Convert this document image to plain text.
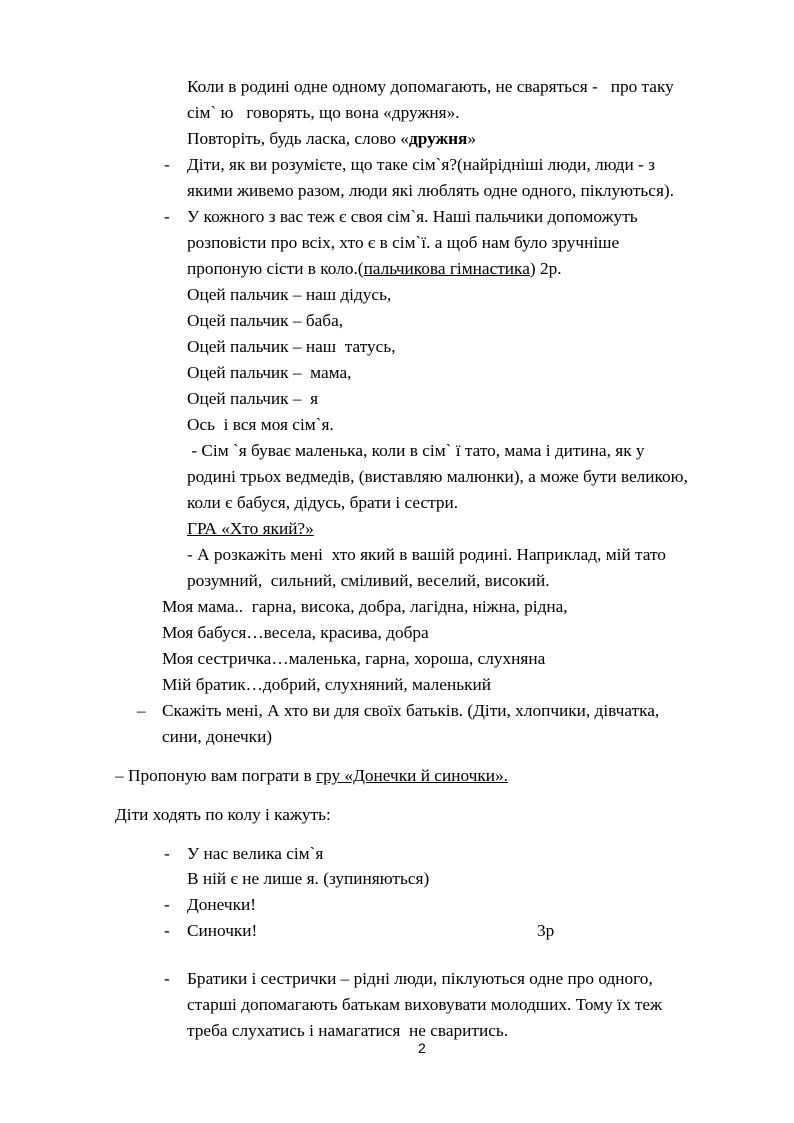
Коли в родині одне одному допомагають, не сваряться -   про таку
сім` ю   говорять, що вона «дружня».
Повторіть, будь ласка, слово «дружня»
- Діти, як ви розумієте, що таке сім`я?(найрідніші люди, люди - з
якими живемо разом, люди які люблять одне одного, піклуються).
- У кожного з вас теж є своя сім`я. Наші пальчики допоможуть
розповісти про всіх, хто є в сім`ї. а щоб нам було зручніше
пропоную сісти в коло.(пальчикова гімнастика) 2р.
Оцей пальчик – наш дідусь,
Оцей пальчик – баба,
Оцей пальчик – наш  татусь,
Оцей пальчик –  мама,
Оцей пальчик –  я
Ось  і вся моя сім`я.
- Сім `я буває маленька, коли в сім` ї тато, мама і дитина, як у
родині трьох ведмедів, (виставляю малюнки), а може бути великою,
коли є бабуся, дідусь, брати і сестри.
ГРА «Хто який?»
- А розкажіть мені  хто який в вашій родині. Наприклад, мій тато
розумний,  сильний, сміливий, веселий, високий.
Моя мама..  гарна, висока, добра, лагідна, ніжна, рідна,
Моя бабуся…весела, красива, добра
Моя сестричка…маленька, гарна, хороша, слухняна
Мій братик…добрий, слухняний, маленький
– Скажіть мені, А хто ви для своїх батьків. (Діти, хлопчики, дівчатка,
сини, донечки)
– Пропоную вам пограти в гру «Донечки й синочки».
Діти ходять по колу і кажуть:
- У нас велика сім`я
В ній є не лише я. (зупиняються)
- Донечки!
- Синочки!	3р
- Братики і сестрички – рідні люди, піклуються одне про одного,
старші допомагають батькам виховувати молодших. Тому їх теж
треба слухатись і намагатися  не сваритись.
2
